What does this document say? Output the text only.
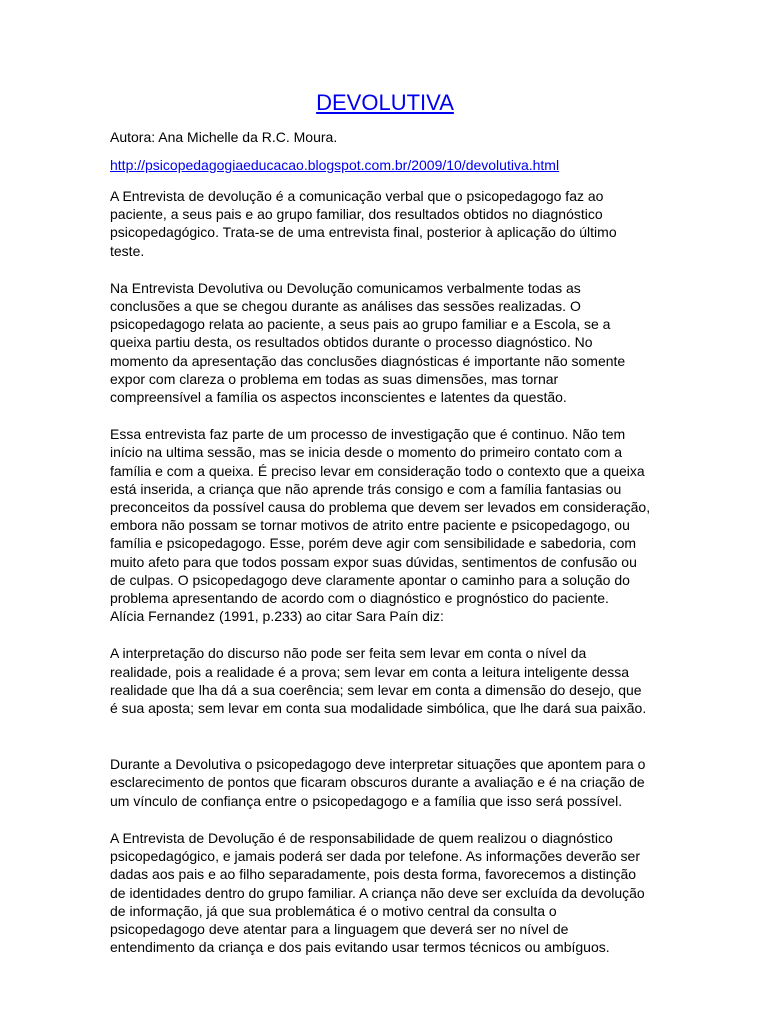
DEVOLUTIVA
Autora: Ana Michelle da R.C. Moura.
http://psicopedagogiaeducacao.blogspot.com.br/2009/10/devolutiva.html
A Entrevista de devolução é a comunicação verbal que o psicopedagogo faz ao
paciente, a seus pais e ao grupo familiar, dos resultados obtidos no diagnóstico
psicopedagógico. Trata-se de uma entrevista final, posterior à aplicação do último
teste.
Na Entrevista Devolutiva ou Devolução comunicamos verbalmente todas as
conclusões a que se chegou durante as análises das sessões realizadas. O
psicopedagogo relata ao paciente, a seus pais ao grupo familiar e a Escola, se a
queixa partiu desta, os resultados obtidos durante o processo diagnóstico. No
momento da apresentação das conclusões diagnósticas é importante não somente
expor com clareza o problema em todas as suas dimensões, mas tornar
compreensível a família os aspectos inconscientes e latentes da questão.
Essa entrevista faz parte de um processo de investigação que é continuo. Não tem
início na ultima sessão, mas se inicia desde o momento do primeiro contato com a
família e com a queixa. É preciso levar em consideração todo o contexto que a queixa
está inserida, a criança que não aprende trás consigo e com a família fantasias ou
preconceitos da possível causa do problema que devem ser levados em consideração,
embora não possam se tornar motivos de atrito entre paciente e psicopedagogo, ou
família e psicopedagogo. Esse, porém deve agir com sensibilidade e sabedoria, com
muito afeto para que todos possam expor suas dúvidas, sentimentos de confusão ou
de culpas. O psicopedagogo deve claramente apontar o caminho para a solução do
problema apresentando de acordo com o diagnóstico e prognóstico do paciente.
Alícia Fernandez (1991, p.233) ao citar Sara Paín diz:
A interpretação do discurso não pode ser feita sem levar em conta o nível da
realidade, pois a realidade é a prova; sem levar em conta a leitura inteligente dessa
realidade que lha dá a sua coerência; sem levar em conta a dimensão do desejo, que
é sua aposta; sem levar em conta sua modalidade simbólica, que lhe dará sua paixão.
Durante a Devolutiva o psicopedagogo deve interpretar situações que apontem para o
esclarecimento de pontos que ficaram obscuros durante a avaliação e é na criação de
um vínculo de confiança entre o psicopedagogo e a família que isso será possível.
A Entrevista de Devolução é de responsabilidade de quem realizou o diagnóstico
psicopedagógico, e jamais poderá ser dada por telefone. As informações deverão ser
dadas aos pais e ao filho separadamente, pois desta forma, favorecemos a distinção
de identidades dentro do grupo familiar. A criança não deve ser excluída da devolução
de informação, já que sua problemática é o motivo central da consulta o
psicopedagogo deve atentar para a linguagem que deverá ser no nível de
entendimento da criança e dos pais evitando usar termos técnicos ou ambíguos.
